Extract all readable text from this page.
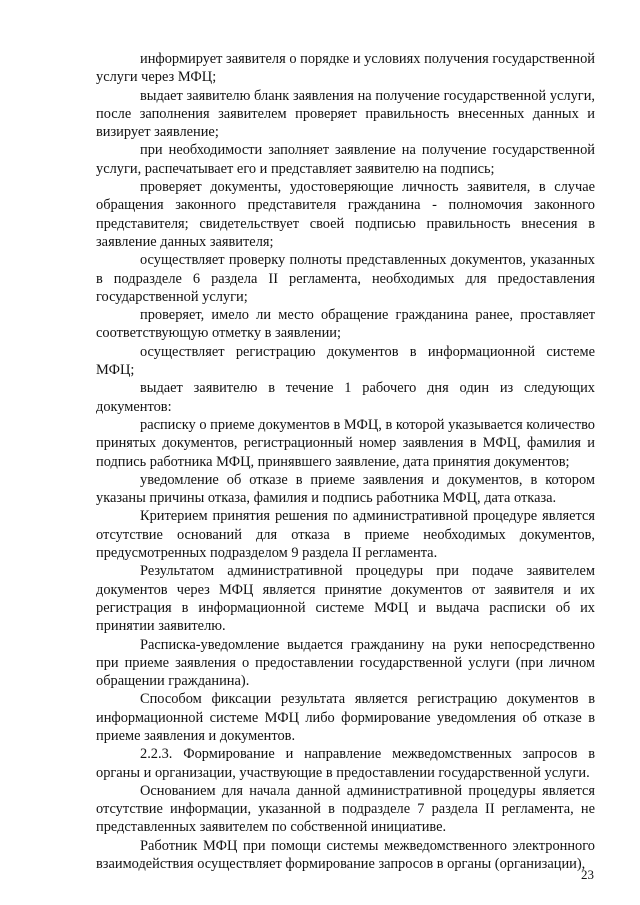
информирует заявителя о порядке и условиях получения государственной услуги через МФЦ;

выдает заявителю бланк заявления на получение государственной услуги, после заполнения заявителем проверяет правильность внесенных данных и визирует заявление;

при необходимости заполняет заявление на получение государственной услуги, распечатывает его и представляет заявителю на подпись;

проверяет документы, удостоверяющие личность заявителя, в случае обращения законного представителя гражданина - полномочия законного представителя; свидетельствует своей подписью правильность внесения в заявление данных заявителя;

осуществляет проверку полноты представленных документов, указанных в подразделе 6 раздела II регламента, необходимых для предоставления государственной услуги;

проверяет, имело ли место обращение гражданина ранее, проставляет соответствующую отметку в заявлении;

осуществляет регистрацию документов в информационной системе МФЦ;

выдает заявителю в течение 1 рабочего дня один из следующих документов:

расписку о приеме документов в МФЦ, в которой указывается количество принятых документов, регистрационный номер заявления в МФЦ, фамилия и подпись работника МФЦ, принявшего заявление, дата принятия документов;

уведомление об отказе в приеме заявления и документов, в котором указаны причины отказа, фамилия и подпись работника МФЦ, дата отказа.

Критерием принятия решения по административной процедуре является отсутствие оснований для отказа в приеме необходимых документов, предусмотренных подразделом 9 раздела II регламента.

Результатом административной процедуры при подаче заявителем документов через МФЦ является принятие документов от заявителя и их регистрация в информационной системе МФЦ и выдача расписки об их принятии заявителю.

Расписка-уведомление выдается гражданину на руки непосредственно при приеме заявления о предоставлении государственной услуги (при личном обращении гражданина).

Способом фиксации результата является регистрацию документов в информационной системе МФЦ либо формирование уведомления об отказе в приеме заявления и документов.

2.2.3. Формирование и направление межведомственных запросов в органы и организации, участвующие в предоставлении государственной услуги.

Основанием для начала данной административной процедуры является отсутствие информации, указанной в подразделе 7 раздела II регламента, не представленных заявителем по собственной инициативе.

Работник МФЦ при помощи системы межведомственного электронного взаимодействия осуществляет формирование запросов в органы (организации),

23
